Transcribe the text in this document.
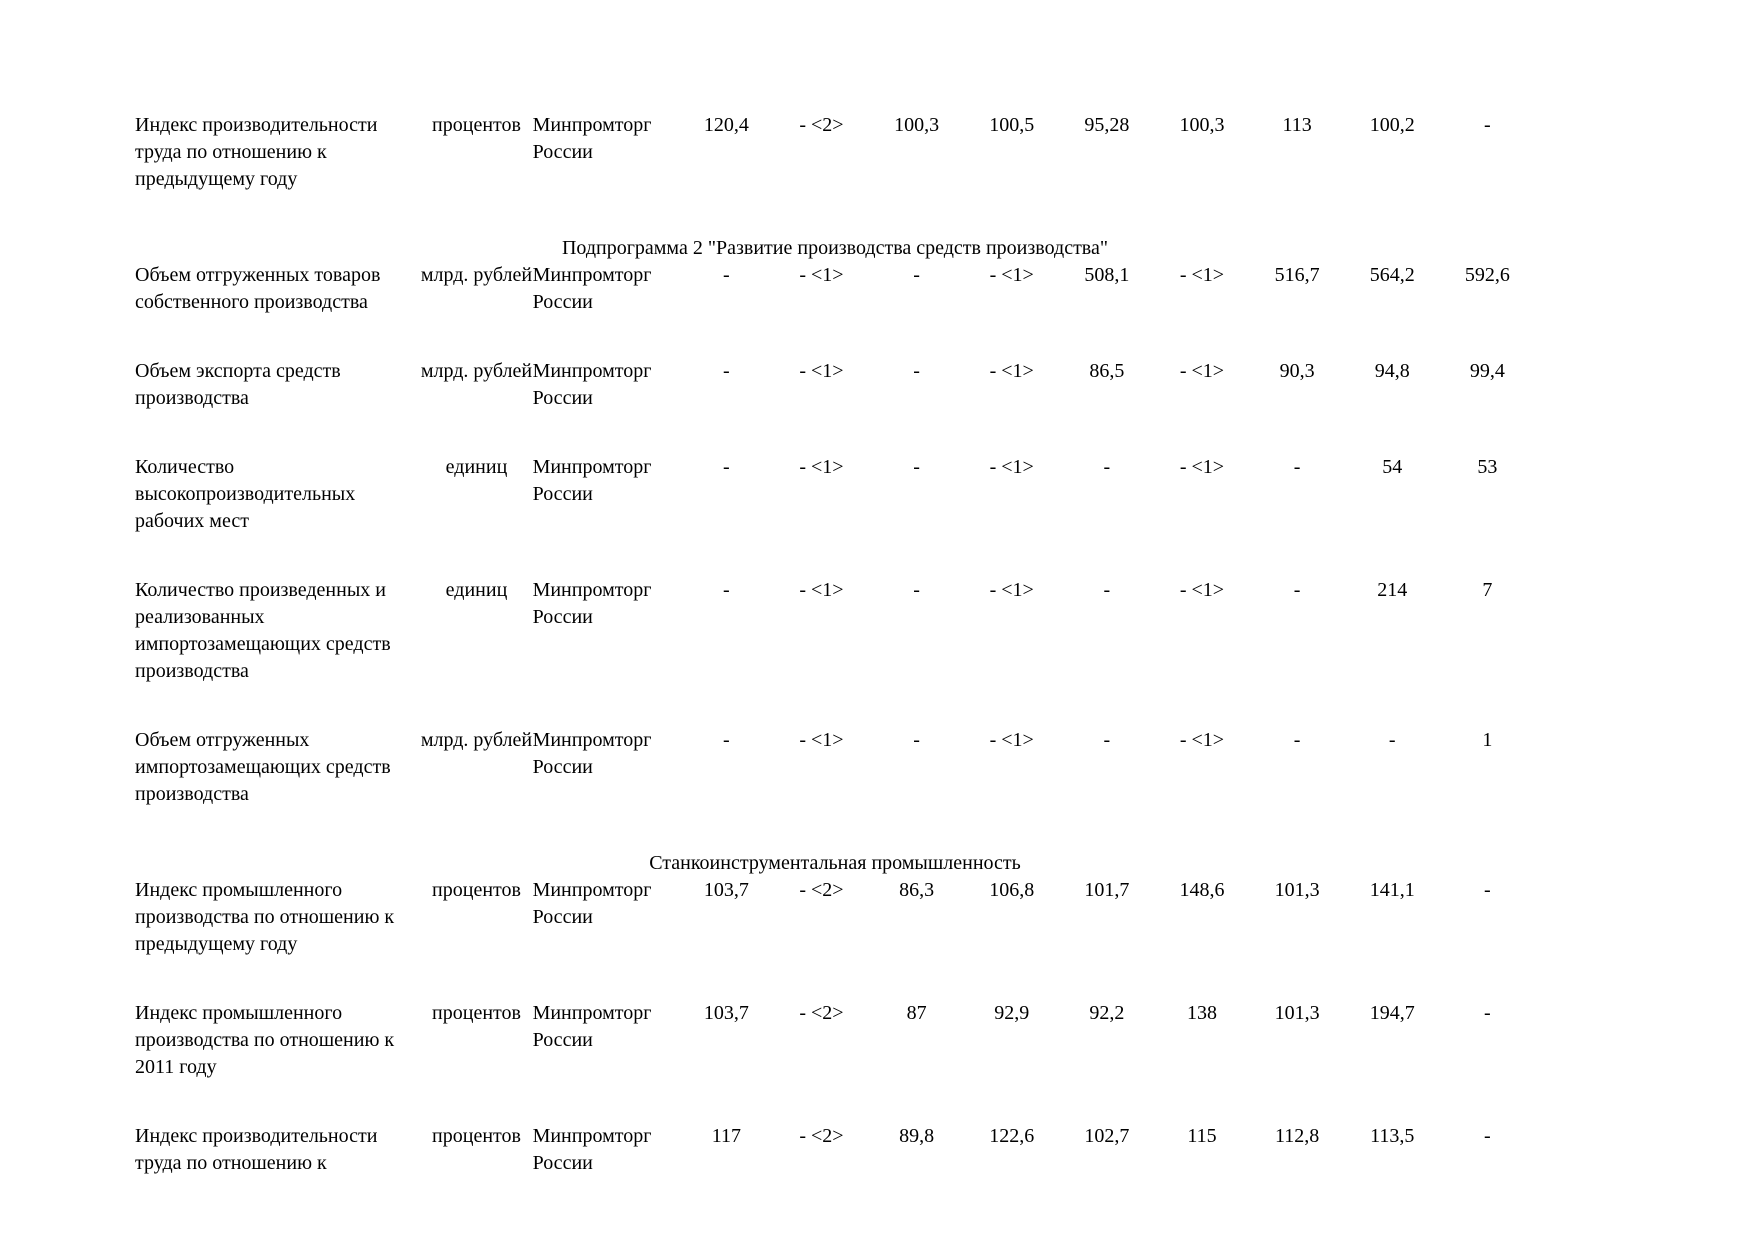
Индекс производительности труда по отношению к предыдущему году	процентов	Минпромторг России	120,4	- <2>	100,3	100,5	95,28	100,3	113	100,2	-
Подпрограмма 2 "Развитие производства средств производства"											
Объем отгруженных товаров собственного производства	млрд. рублей	Минпромторг России	-	- <1>	-	- <1>	508,1	- <1>	516,7	564,2	592,6
Объем экспорта средств производства	млрд. рублей	Минпромторг России	-	- <1>	-	- <1>	86,5	- <1>	90,3	94,8	99,4
Количество высокопроизводительных рабочих мест	единиц	Минпромторг России	-	- <1>	-	- <1>	-	- <1>	-	54	53
Количество произведенных и реализованных импортозамещающих средств производства	единиц	Минпромторг России	-	- <1>	-	- <1>	-	- <1>	-	214	7
Объем отгруженных импортозамещающих средств производства	млрд. рублей	Минпромторг России	-	- <1>	-	- <1>	-	- <1>	-	-	1
Станкоинструментальная промышленность											
Индекс промышленного производства по отношению к предыдущему году	процентов	Минпромторг России	103,7	- <2>	86,3	106,8	101,7	148,6	101,3	141,1	-
Индекс промышленного производства по отношению к 2011 году	процентов	Минпромторг России	103,7	- <2>	87	92,9	92,2	138	101,3	194,7	-
Индекс производительности труда по отношению к	процентов	Минпромторг России	117	- <2>	89,8	122,6	102,7	115	112,8	113,5	-
